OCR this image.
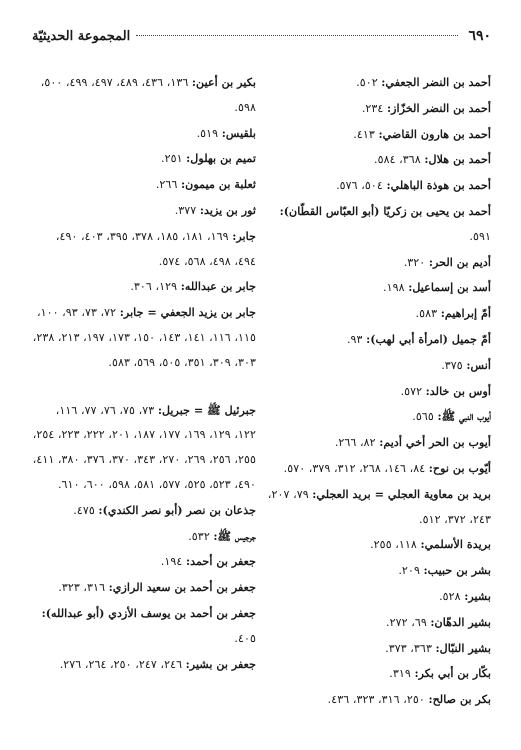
٦٩٠
المجموعة الحديثيّة

أحمد بن النضر الجعفي: ٥٠٢.

أحمد بن النضر الخزّاز: ٢٣٤.

أحمد بن هارون القاضي: ٤١٣.

أحمد بن هلال: ٣٦٨، ٥٨٤.

أحمد بن هوذة الباهلي: ٥٠٤، ٥٧٦.

أحمد بن يحيى بن زكريّا (أبو العبّاس القطّان): ٥٩١.

أديم بن الحر: ٣٢٠.

أسد بن إسماعيل: ١٩٨.

أمّ إبراهيم: ٥٨٣.

أمّ جميل (امرأة أبي لهب): ٩٣.

أنس: ٣٧٥.

أوس بن خالد: ٥٧٢.

أيوب النبي ﷺ: ٥٦٥.

أيوب بن الحر أخي أديم: ٨٢، ٢٦٦.

أيّوب بن نوح: ٨٤، ١٤٦، ٢٦٨، ٣١٢، ٣٧٩، ٥٧٠.

بريد بن معاوية العجلي = بريد العجلي: ٧٩، ٢٠٧، ٢٤٣، ٣٧٢، ٥١٢.

بريدة الأسلمي: ١١٨، ٢٥٥.

بشر بن حبيب: ٢٠٩.

بشير: ٥٢٨.

بشير الدهّان: ٦٩، ٢٧٢.

بشير النبّال: ٣٦٣، ٣٧٣.

بكّار بن أبي بكر: ٣١٩.

بكر بن صالح: ٢٥٠، ٣١٦، ٣٢٣، ٤٣٦.

بكير بن أعين: ١٣٦، ٤٣٦، ٤٨٩، ٤٩٧، ٤٩٩، ٥٠٠، ٥٩٨.

بلقيس: ٥١٩.

تميم بن بهلول: ٢٥١.

ثعلبة بن ميمون: ٢٦٦.

ثور بن يزيد: ٣٧٧.

جابر: ١٦٩، ١٨١، ١٨٥، ٣٧٨، ٣٩٥، ٤٠٣، ٤٩٠، ٤٩٤، ٤٩٨، ٥٦٨، ٥٧٤.

جابر بن عبدالله: ١٢٩، ٣٠٦.

جابر بن يزيد الجعفي = جابر: ٧٢، ٧٣، ٩٣، ١٠٠، ١١٥، ١١٦، ١٤١، ١٤٣، ١٥٠، ١٧٣، ١٩٧، ٢١٣، ٢٣٨، ٣٠٣، ٣٠٩، ٣٥١، ٥٠٥، ٥٦٩، ٥٨٣.

جبرئيل ﷺ = جبريل: ٧٣، ٧٥، ٧٦، ٧٧، ١١٦، ١٢٢، ١٢٩، ١٦٩، ١٧٧، ١٨٧، ٢٠١، ٢٢٢، ٢٢٣، ٢٥٤، ٢٥٥، ٢٥٦، ٢٦٩، ٢٧٠، ٣٤٣، ٣٧٠، ٣٧٦، ٣٨٠، ٤١١، ٤٩٠، ٥٢٣، ٥٢٥، ٥٧٧، ٥٨١، ٥٩٨، ٦٠٠، ٦١٠.

جذعان بن نصر (أبو نصر الكندي): ٤٧٥.

جرجيس ﷺ: ٥٣٢.

جعفر بن أحمد: ١٩٤.

جعفر بن أحمد بن سعيد الرازي: ٣١٦، ٣٢٣.

جعفر بن أحمد بن يوسف الأزدي (أبو عبدالله): ٤٠٥.

جعفر بن بشير: ٢٤٦، ٢٤٧، ٢٥٠، ٢٦٤، ٢٧٦.
